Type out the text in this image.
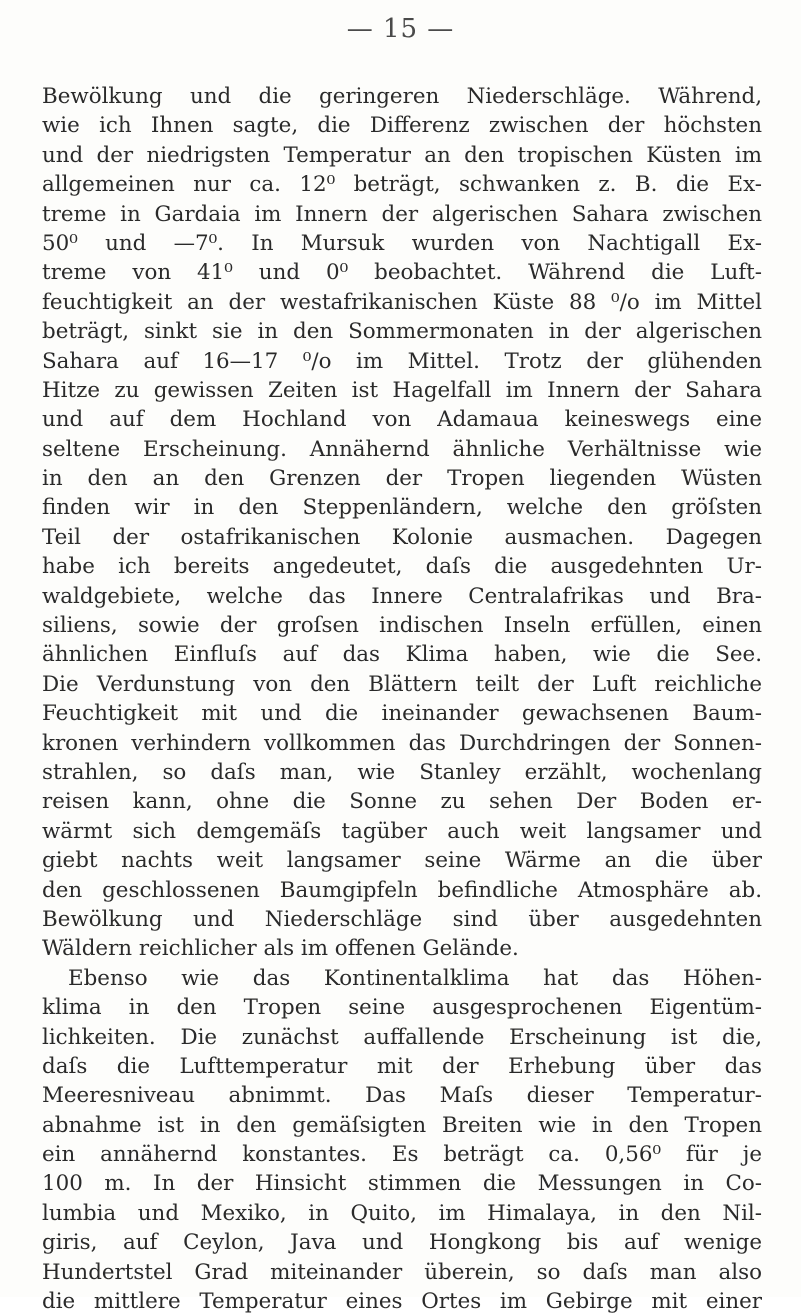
— 15 —
Bewölkung und die geringeren Niederschläge. Während,
wie ich Ihnen sagte, die Differenz zwischen der höchsten
und der niedrigsten Temperatur an den tropischen Küsten im
allgemeinen nur ca. 12⁰ beträgt, schwanken z. B. die Ex-
treme in Gardaia im Innern der algerischen Sahara zwischen
50⁰ und —7⁰. In Mursuk wurden von Nachtigall Ex-
treme von 41⁰ und 0⁰ beobachtet. Während die Luft-
feuchtigkeit an der westafrikanischen Küste 88 ⁰/o im Mittel
beträgt, sinkt sie in den Sommermonaten in der algerischen
Sahara auf 16—17 ⁰/o im Mittel. Trotz der glühenden
Hitze zu gewissen Zeiten ist Hagelfall im Innern der Sahara
und auf dem Hochland von Adamaua keineswegs eine
seltene Erscheinung. Annähernd ähnliche Verhältnisse wie
in den an den Grenzen der Tropen liegenden Wüsten
finden wir in den Steppenländern, welche den gröſsten
Teil der ostafrikanischen Kolonie ausmachen. Dagegen
habe ich bereits angedeutet, daſs die ausgedehnten Ur-
waldgebiete, welche das Innere Centralafrikas und Bra-
siliens, sowie der groſsen indischen Inseln erfüllen, einen
ähnlichen Einfluſs auf das Klima haben, wie die See.
Die Verdunstung von den Blättern teilt der Luft reichliche
Feuchtigkeit mit und die ineinander gewachsenen Baum-
kronen verhindern vollkommen das Durchdringen der Sonnen-
strahlen, so daſs man, wie Stanley erzählt, wochenlang
reisen kann, ohne die Sonne zu sehen Der Boden er-
wärmt sich demgemäſs tagüber auch weit langsamer und
giebt nachts weit langsamer seine Wärme an die über
den geschlossenen Baumgipfeln befindliche Atmosphäre ab.
Bewölkung und Niederschläge sind über ausgedehnten
Wäldern reichlicher als im offenen Gelände.
Ebenso wie das Kontinentalklima hat das Höhen-
klima in den Tropen seine ausgesprochenen Eigentüm-
lichkeiten. Die zunächst auffallende Erscheinung ist die,
daſs die Lufttemperatur mit der Erhebung über das
Meeresniveau abnimmt. Das Maſs dieser Temperatur-
abnahme ist in den gemäſsigten Breiten wie in den Tropen
ein annähernd konstantes. Es beträgt ca. 0,56⁰ für je
100 m. In der Hinsicht stimmen die Messungen in Co-
lumbia und Mexiko, in Quito, im Himalaya, in den Nil-
giris, auf Ceylon, Java und Hongkong bis auf wenige
Hundertstel Grad miteinander überein, so daſs man also
die mittlere Temperatur eines Ortes im Gebirge mit einer
